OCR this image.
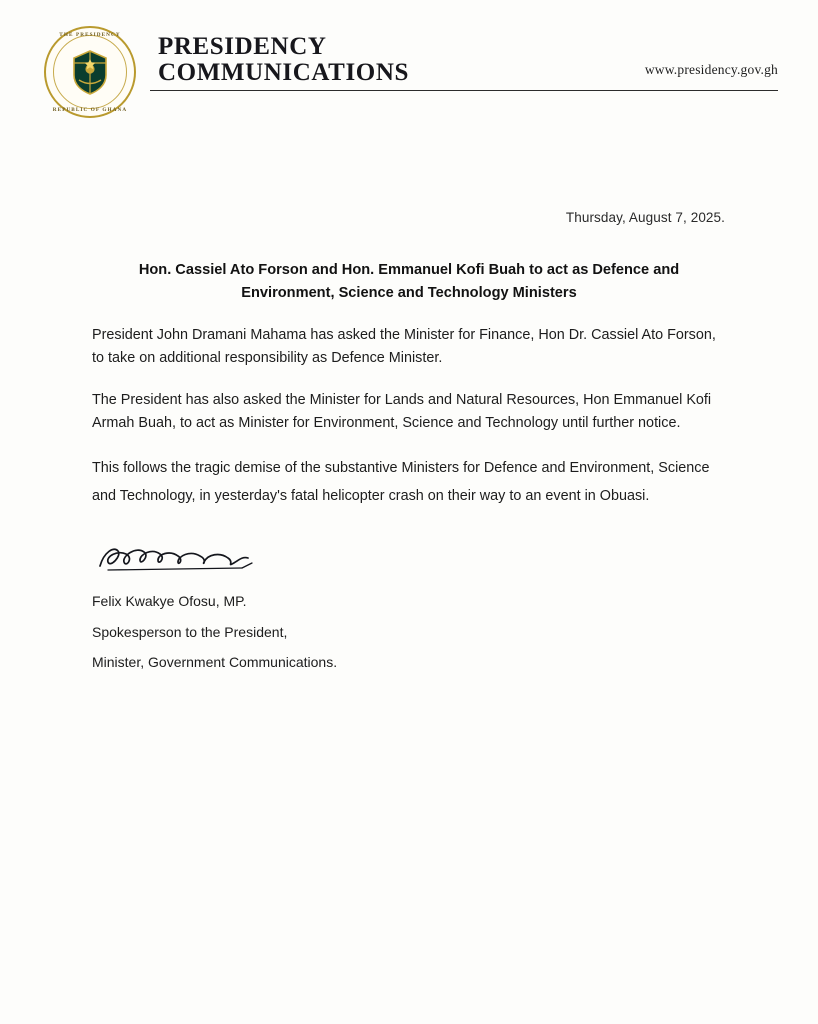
THE PRESIDENCY
REPUBLIC OF GHANA
PRESIDENCY
COMMUNICATIONS	www.presidency.gov.gh
Thursday, August 7, 2025.
Hon. Cassiel Ato Forson and Hon. Emmanuel Kofi Buah to act as Defence and Environment, Science and Technology Ministers
President John Dramani Mahama has asked the Minister for Finance, Hon Dr. Cassiel Ato Forson, to take on additional responsibility as Defence Minister.
The President has also asked the Minister for Lands and Natural Resources, Hon Emmanuel Kofi Armah Buah, to act as Minister for Environment, Science and Technology until further notice.
This follows the tragic demise of the substantive Ministers for Defence and Environment, Science and Technology, in yesterday's fatal helicopter crash on their way to an event in Obuasi.
Felix Kwakye Ofosu, MP.
Spokesperson to the President,
Minister, Government Communications.
